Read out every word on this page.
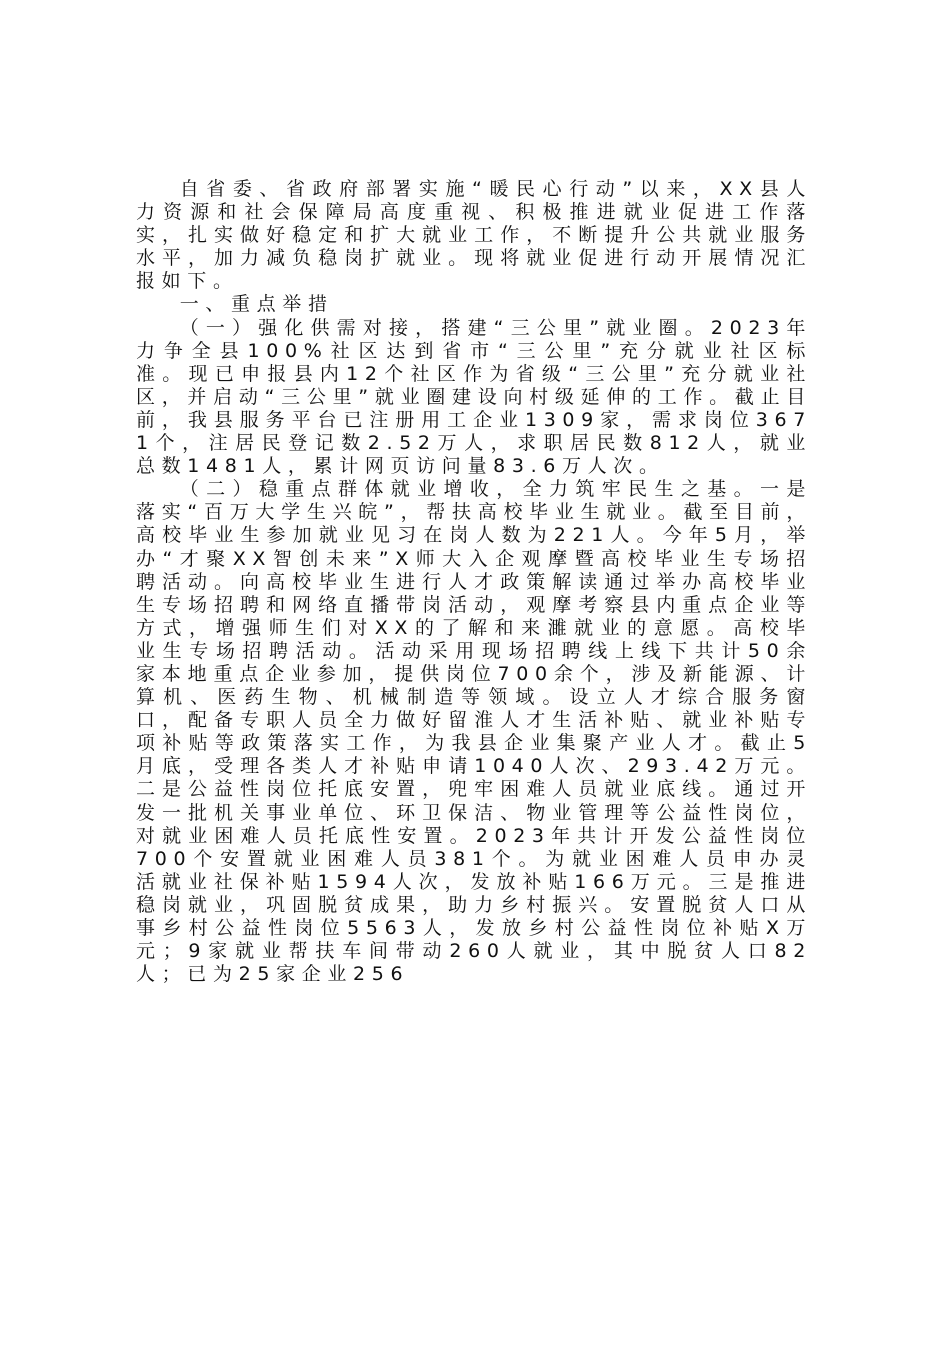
自省委、省政府部署实施“暖民心行动”以来，XX县人力资源和社会保障局高度重视、积极推进就业促进工作落实，扎实做好稳定和扩大就业工作，不断提升公共就业服务水平，加力减负稳岗扩就业。现将就业促进行动开展情况汇报如下。

一、重点举措

（一）强化供需对接，搭建“三公里”就业圈。2023年力争全县100%社区达到省市“三公里”充分就业社区标准。现已申报县内12个社区作为省级“三公里”充分就业社区，并启动“三公里”就业圈建设向村级延伸的工作。截止目前，我县服务平台已注册用工企业1309家，需求岗位3671个，注居民登记数2.52万人，求职居民数812人，就业总数1481人，累计网页访问量83.6万人次。

（二）稳重点群体就业增收，全力筑牢民生之基。一是落实“百万大学生兴皖”，帮扶高校毕业生就业。截至目前，高校毕业生参加就业见习在岗人数为221人。今年5月，举办“才聚XX智创未来”X师大入企观摩暨高校毕业生专场招聘活动。向高校毕业生进行人才政策解读通过举办高校毕业生专场招聘和网络直播带岗活动，观摩考察县内重点企业等方式，增强师生们对XX的了解和来濉就业的意愿。高校毕业生专场招聘活动。活动采用现场招聘线上线下共计50余家本地重点企业参加，提供岗位700余个，涉及新能源、计算机、医药生物、机械制造等领域。设立人才综合服务窗口，配备专职人员全力做好留淮人才生活补贴、就业补贴专项补贴等政策落实工作，为我县企业集聚产业人才。截止5月底，受理各类人才补贴申请1040人次、293.42万元。二是公益性岗位托底安置，兜牢困难人员就业底线。通过开发一批机关事业单位、环卫保洁、物业管理等公益性岗位，对就业困难人员托底性安置。2023年共计开发公益性岗位700个安置就业困难人员381个。为就业困难人员申办灵活就业社保补贴1594人次，发放补贴166万元。三是推进稳岗就业，巩固脱贫成果，助力乡村振兴。安置脱贫人口从事乡村公益性岗位5563人，发放乡村公益性岗位补贴X万元；9家就业帮扶车间带动260人就业，其中脱贫人口82人；已为25家企业256
